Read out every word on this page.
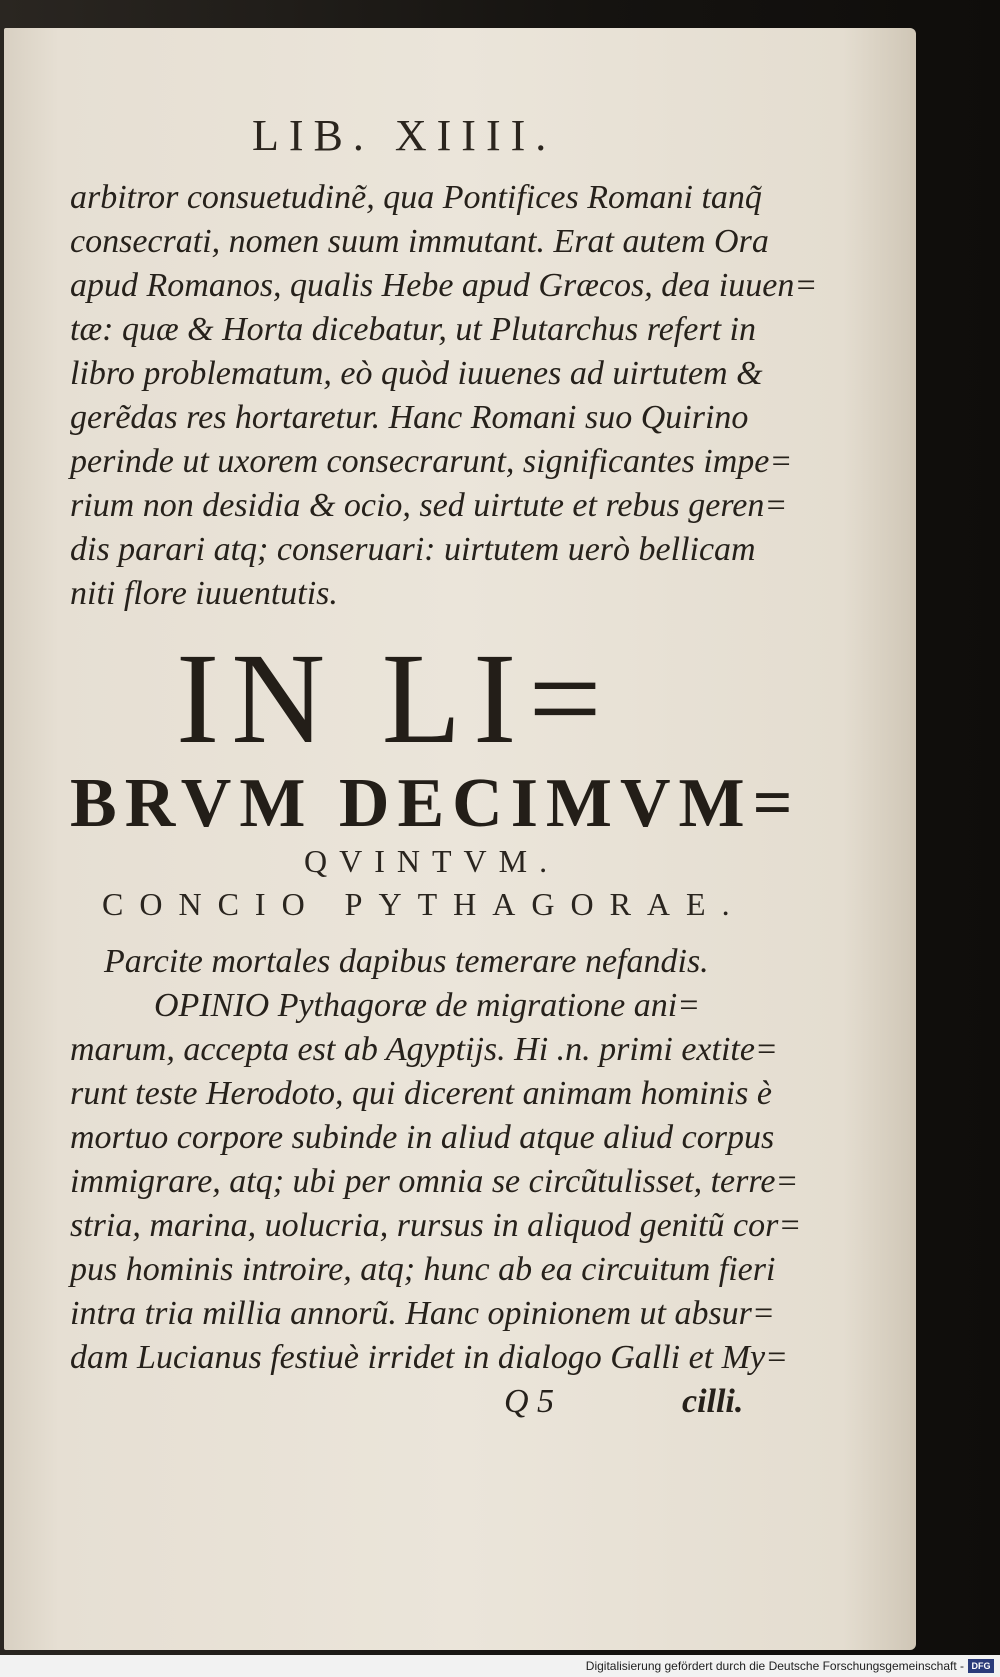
LIB. XIIII.
arbitror consuetudinẽ, qua Pontifices Romani tanq̃
consecrati, nomen suum immutant. Erat autem Ora
apud Romanos, qualis Hebe apud Græcos, dea iuuen=
tæ: quæ & Horta dicebatur, ut Plutarchus refert in
libro problematum, eò quòd iuuenes ad uirtutem &
gerẽdas res hortaretur. Hanc Romani suo Quirino
perinde ut uxorem consecrarunt, significantes impe=
rium non desidia & ocio, sed uirtute et rebus geren=
dis parari atq; conseruari: uirtutem uerò bellicam
niti flore iuuentutis.
IN LI=
BRVM DECIMVM=
QVINTVM.
CONCIO PYTHAGORAE.
Parcite mortales dapibus temerare nefandis.
OPINIO Pythagoræ de migratione ani=
marum, accepta est ab Agyptijs. Hi .n. primi extite=
runt teste Herodoto, qui dicerent animam hominis è
mortuo corpore subinde in aliud atque aliud corpus
immigrare, atq; ubi per omnia se circũtulisset, terre=
stria, marina, uolucria, rursus in aliquod genitũ cor=
pus hominis introire, atq; hunc ab ea circuitum fieri
intra tria millia annorũ. Hanc opinionem ut absur=
dam Lucianus festiuè irridet in dialogo Galli et My=
Q 5	cilli.
Digitalisierung gefördert durch die Deutsche Forschungsgemeinschaft - DFG
